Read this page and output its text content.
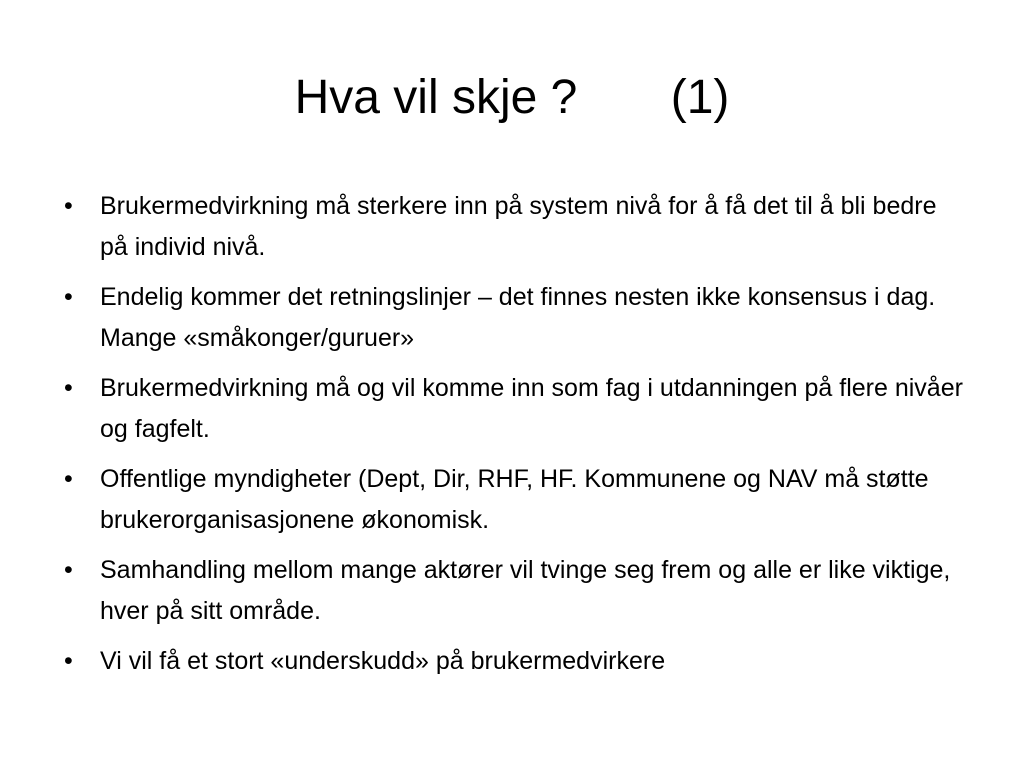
Hva vil skje ?       (1)
• Brukermedvirkning må sterkere inn på system nivå for å få det til å bli bedre på individ nivå.
• Endelig kommer det retningslinjer – det finnes nesten ikke konsensus i dag. Mange «småkonger/guruer»
• Brukermedvirkning må og vil komme inn som fag i utdanningen på flere nivåer og fagfelt.
• Offentlige myndigheter (Dept, Dir, RHF, HF. Kommunene og NAV må støtte brukerorganisasjonene økonomisk.
• Samhandling mellom mange aktører vil tvinge seg frem og alle er like viktige, hver på sitt område.
• Vi vil få et stort «underskudd» på brukermedvirkere
